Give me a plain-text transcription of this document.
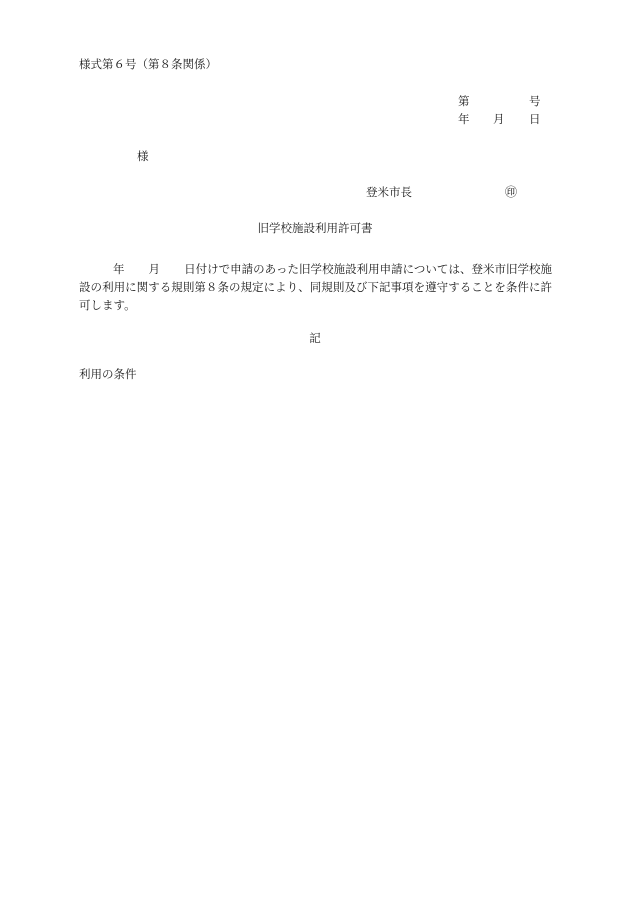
様式第６号（第８条関係）
第	号
年 月 日
様
登米市長	㊞
旧学校施設利用許可書
年 月 日付けで申請のあった旧学校施設利用申請については、登米市旧学校施設の利用に関する規則第８条の規定により、同規則及び下記事項を遵守することを条件に許可します。
記
利用の条件
